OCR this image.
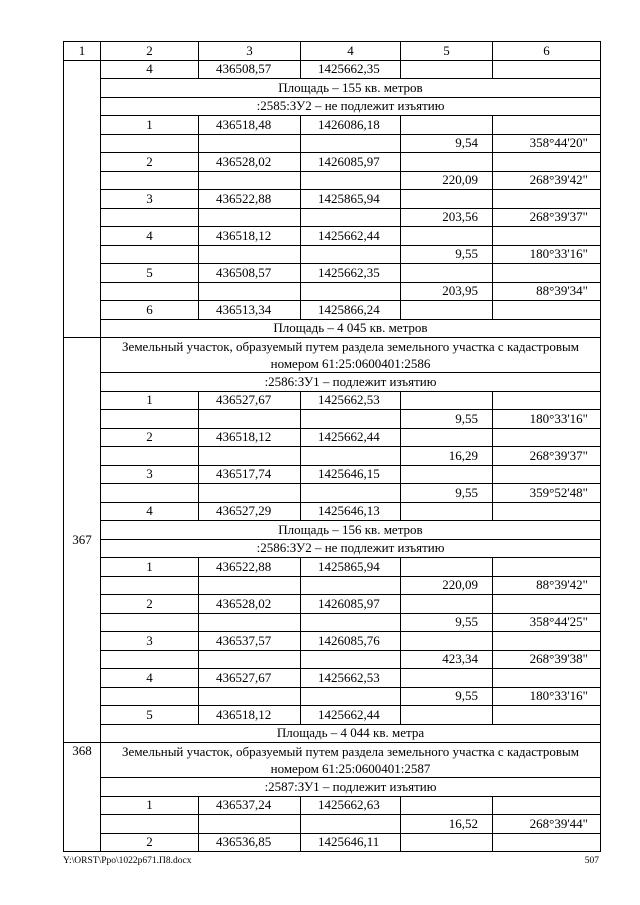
1	2	3	4	5	6
	4	436508,57	1425662,35		
	Площадь – 155 кв. метров				
	:2585:ЗУ2 – не подлежит изъятию				
	1	436518,48	1426086,18		
				9,54	358°44'20"
	2	436528,02	1426085,97		
				220,09	268°39'42"
	3	436522,88	1425865,94		
				203,56	268°39'37"
	4	436518,12	1425662,44		
				9,55	180°33'16"
	5	436508,57	1425662,35		
				203,95	88°39'34"
	6	436513,34	1425866,24		
	Площадь – 4 045 кв. метров				
367	Земельный участок, образуемый путем раздела земельного участка с кадастровым номером 61:25:0600401:2586				
	:2586:ЗУ1 – подлежит изъятию				
	1	436527,67	1425662,53		
				9,55	180°33'16"
	2	436518,12	1425662,44		
				16,29	268°39'37"
	3	436517,74	1425646,15		
				9,55	359°52'48"
	4	436527,29	1425646,13		
	Площадь – 156 кв. метров				
	:2586:ЗУ2 – не подлежит изъятию				
	1	436522,88	1425865,94		
				220,09	88°39'42"
	2	436528,02	1426085,97		
				9,55	358°44'25"
	3	436537,57	1426085,76		
				423,34	268°39'38"
	4	436527,67	1425662,53		
				9,55	180°33'16"
	5	436518,12	1425662,44		
	Площадь – 4 044 кв. метра				
368	Земельный участок, образуемый путем раздела земельного участка с кадастровым номером 61:25:0600401:2587				
	:2587:ЗУ1 – подлежит изъятию				
	1	436537,24	1425662,63		
				16,52	268°39'44"
	2	436536,85	1425646,11		
Y:\ORST\Ppo\1022p671.П8.docx	507
